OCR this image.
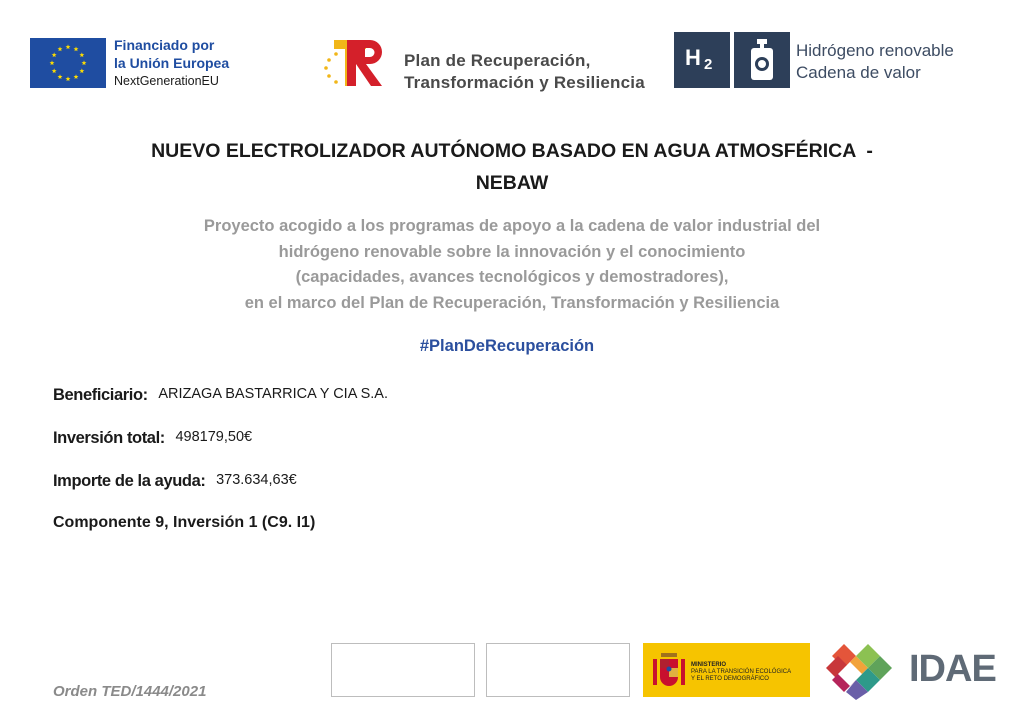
Financiado por
la Unión Europea
NextGenerationEU
Plan de Recuperación,
Transformación y Resiliencia
H 2
Hidrógeno renovable
Cadena de valor
NUEVO ELECTROLIZADOR AUTÓNOMO BASADO EN AGUA ATMOSFÉRICA  -
NEBAW
Proyecto acogido a los programas de apoyo a la cadena de valor industrial del
hidrógeno renovable sobre la innovación y el conocimiento
(capacidades, avances tecnológicos y demostradores),
en el marco del Plan de Recuperación, Transformación y Resiliencia
#PlanDeRecuperación
Beneficiario: ARIZAGA BASTARRICA Y CIA S.A.
Inversión total: 498179,50€
Importe de la ayuda: 373.634,63€
Componente 9, Inversión 1 (C9. I1)
Orden TED/1444/2021
MINISTERIO
PARA LA TRANSICIÓN ECOLÓGICA
Y EL RETO DEMOGRÁFICO	IDAE
